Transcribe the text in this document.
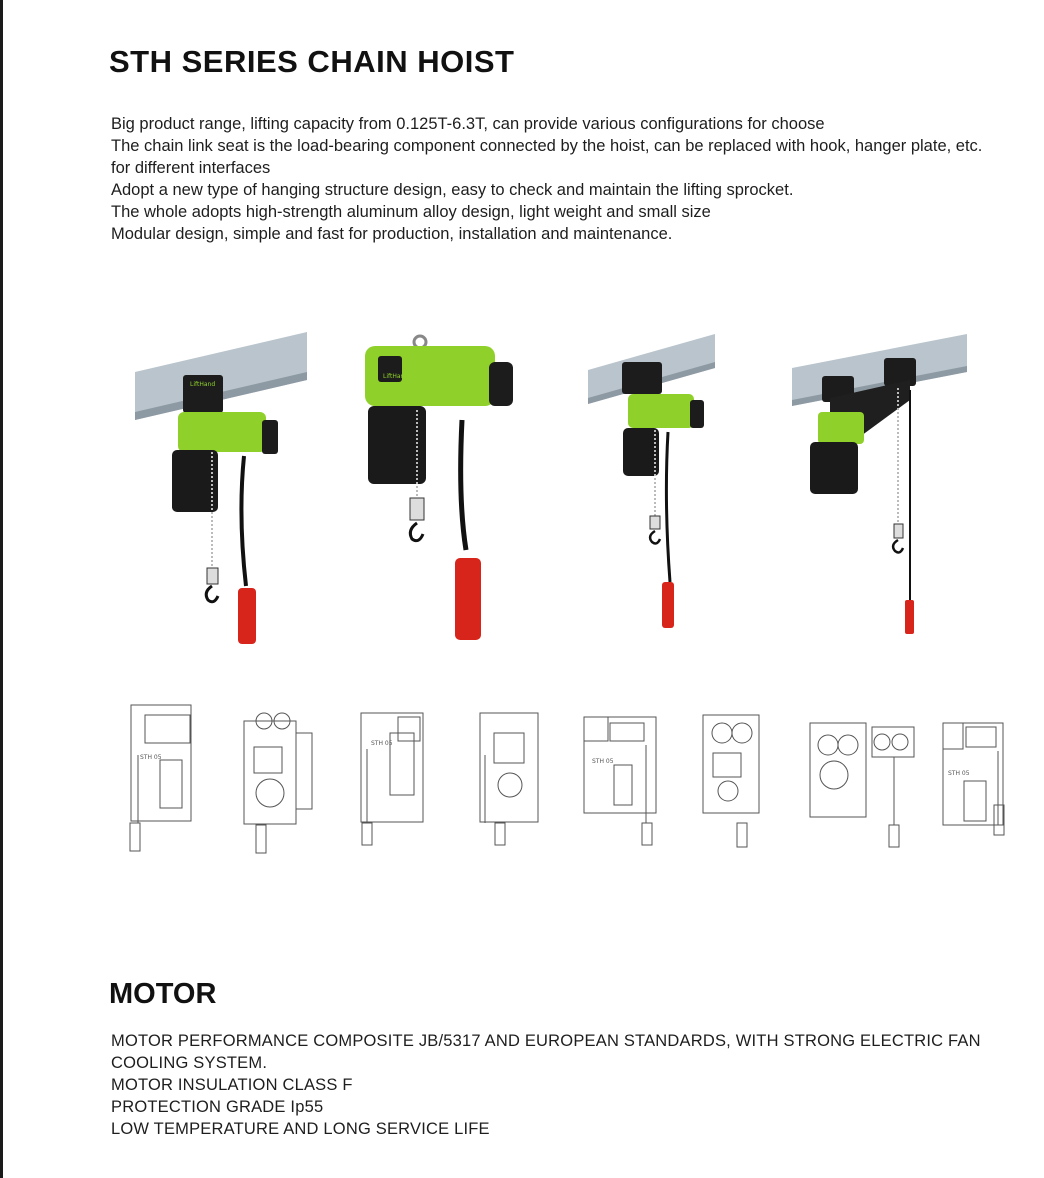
STH SERIES CHAIN HOIST
Big product range, lifting capacity from 0.125T-6.3T, can provide various configurations for choose
The chain link seat is the load-bearing component connected by the hoist, can be replaced with hook, hanger plate, etc. for different interfaces
Adopt a new type of hanging structure design, easy to check and maintain the lifting sprocket.
The whole adopts high-strength aluminum alloy design, light weight and small size
Modular design, simple and fast for production, installation and maintenance.
LiftHand
LiftHand
STH 05
STH 05
STH 05
STH 05
MOTOR
MOTOR PERFORMANCE COMPOSITE JB/5317 AND EUROPEAN STANDARDS, WITH STRONG ELECTRIC FAN COOLING SYSTEM.
MOTOR INSULATION CLASS F
PROTECTION GRADE Ip55
LOW TEMPERATURE AND LONG SERVICE LIFE
